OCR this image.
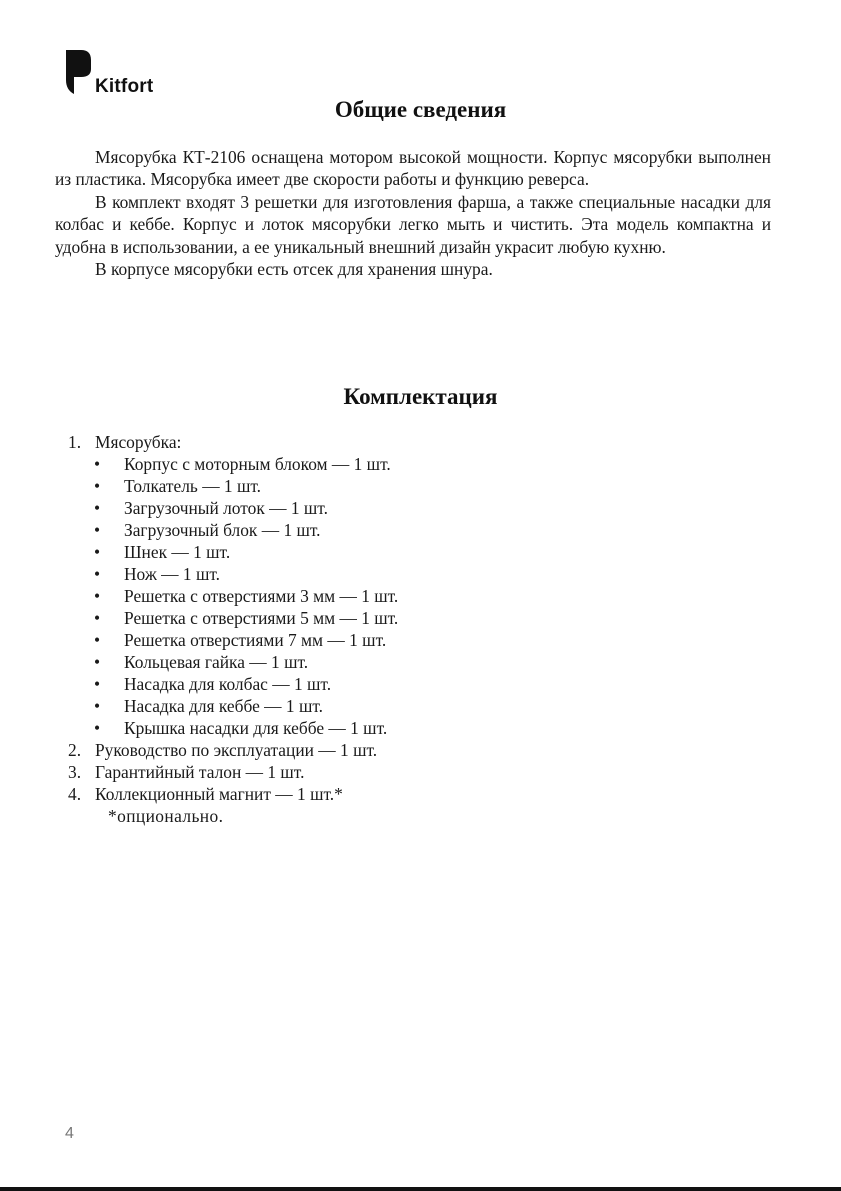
Kitfort
Общие сведения

Мясорубка КТ-2106 оснащена мотором высокой мощности. Корпус мясорубки выполнен из пластика. Мясорубка имеет две скорости работы и функцию реверса.

В комплект входят 3 решетки для изготовления фарша, а также специальные насадки для колбас и кеббе. Корпус и лоток мясорубки легко мыть и чистить. Эта модель компактна и удобна в использовании, а ее уникальный внешний дизайн украсит любую кухню.

В корпусе мясорубки есть отсек для хранения шнура.

Комплектация
1. Мясорубка:
• Корпус с моторным блоком — 1 шт.
• Толкатель — 1 шт.
• Загрузочный лоток — 1 шт.
• Загрузочный блок — 1 шт.
• Шнек — 1 шт.
• Нож — 1 шт.
• Решетка с отверстиями 3 мм — 1 шт.
• Решетка с отверстиями 5 мм — 1 шт.
• Решетка отверстиями 7 мм — 1 шт.
• Кольцевая гайка — 1 шт.
• Насадка для колбас — 1 шт.
• Насадка для кеббе — 1 шт.
• Крышка насадки для кеббе — 1 шт.
2. Руководство по эксплуатации — 1 шт.
3. Гарантийный талон — 1 шт.
4. Коллекционный магнит — 1 шт.*
*опционально.
4
